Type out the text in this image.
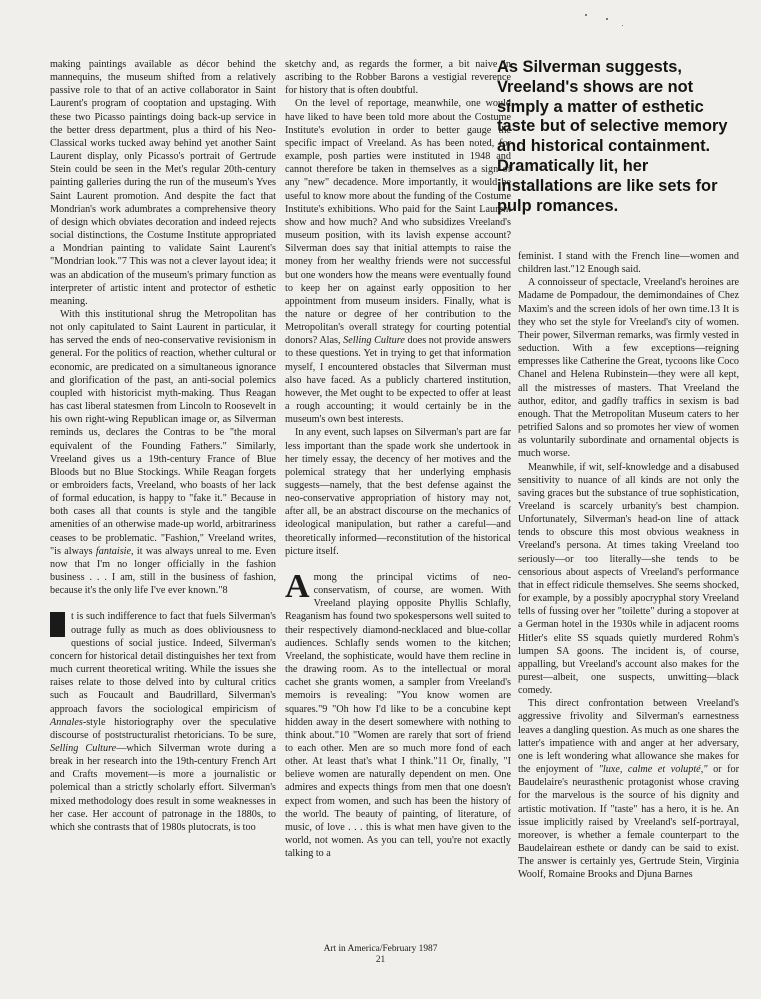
As Silverman suggests, Vreeland's shows are not simply a matter of esthetic taste but of selective memory and historical containment. Dramatically lit, her installations are like sets for pulp romances.

making paintings available as décor behind the mannequins, the museum shifted from a relatively passive role to that of an active collaborator in Saint Laurent's program of cooptation and upstaging. With these two Picasso paintings doing back-up service in the better dress department, plus a third of his Neo-Classical works tucked away behind yet another Saint Laurent display, only Picasso's portrait of Gertrude Stein could be seen in the Met's regular 20th-century painting galleries during the run of the museum's Yves Saint Laurent promotion. And despite the fact that Mondrian's work adumbrates a comprehensive theory of design which obviates decoration and indeed rejects social distinctions, the Costume Institute appropriated a Mondrian painting to validate Saint Laurent's "Mondrian look."7 This was not a clever layout idea; it was an abdication of the museum's primary function as interpreter of artistic intent and protector of esthetic meaning.

With this institutional shrug the Metropolitan has not only capitulated to Saint Laurent in particular, it has served the ends of neo-conservative revisionism in general. For the politics of reaction, whether cultural or economic, are predicated on a simultaneous ignorance and glorification of the past, an anti-social polemics coupled with historicist myth-making. Thus Reagan has cast liberal statesmen from Lincoln to Roosevelt in his own right-wing Republican image or, as Silverman reminds us, declares the Contras to be "the moral equivalent of the Founding Fathers." Similarly, Vreeland gives us a 19th-century France of Blue Bloods but no Blue Stockings. While Reagan forgets or embroiders facts, Vreeland, who boasts of her lack of formal education, is happy to "fake it." Because in both cases all that counts is style and the tangible amenities of an otherwise made-up world, arbitrariness ceases to be problematic. "Fashion," Vreeland writes, "is always fantaisie, it was always unreal to me. Even now that I'm no longer officially in the fashion business . . . I am, still in the business of fashion, because it's the only life I've ever known."8

t is such indifference to fact that fuels Silverman's outrage fully as much as does obliviousness to questions of social justice. Indeed, Silverman's concern for historical detail distinguishes her text from much current theoretical writing. While the issues she raises relate to those delved into by cultural critics such as Foucault and Baudrillard, Silverman's approach favors the sociological empiricism of Annales-style historiography over the speculative discourse of poststructuralist rhetoricians. To be sure, Selling Culture—which Silverman wrote during a break in her research into the 19th-century French Art and Crafts movement—is more a journalistic or polemical than a strictly scholarly effort. Silverman's mixed methodology does result in some weaknesses in her case. Her account of patronage in the 1880s, to which she contrasts that of 1980s plutocrats, is too

sketchy and, as regards the former, a bit naive in ascribing to the Robber Barons a vestigial reverence for history that is often doubtful.

On the level of reportage, meanwhile, one would have liked to have been told more about the Costume Institute's evolution in order to better gauge the specific impact of Vreeland. As has been noted, for example, posh parties were instituted in 1948 and cannot therefore be taken in themselves as a sign of any "new" decadence. More importantly, it would be useful to know more about the funding of the Costume Institute's exhibitions. Who paid for the Saint Laurent show and how much? And who subsidizes Vreeland's museum position, with its lavish expense account? Silverman does say that initial attempts to raise the money from her wealthy friends were not successful but one wonders how the means were eventually found to keep her on against early opposition to her appointment from museum insiders. Finally, what is the nature or degree of her contribution to the Metropolitan's overall strategy for courting potential donors? Alas, Selling Culture does not provide answers to these questions. Yet in trying to get that information myself, I encountered obstacles that Silverman must also have faced. As a publicly chartered institution, however, the Met ought to be expected to offer at least a rough accounting; it would certainly be in the museum's own best interests.

In any event, such lapses on Silverman's part are far less important than the spade work she undertook in her timely essay, the decency of her motives and the polemical strategy that her underlying emphasis suggests—namely, that the best defense against the neo-conservative appropriation of history may not, after all, be an abstract discourse on the mechanics of ideological manipulation, but rather a careful—and theoretically informed—reconstitution of the historical picture itself.

Among the principal victims of neo-conservatism, of course, are women. With Vreeland playing opposite Phyllis Schlafly, Reaganism has found two spokespersons well suited to their respectively diamond-necklaced and blue-collar audiences. Schlafly sends women to the kitchen; Vreeland, the sophisticate, would have them recline in the drawing room. As to the intellectual or moral cachet she grants women, a sampler from Vreeland's memoirs is revealing: "You know women are squares."9 "Oh how I'd like to be a concubine kept hidden away in the desert somewhere with nothing to think about."10 "Women are rarely that sort of friend to each other. Men are so much more fond of each other. At least that's what I think."11 Or, finally, "I believe women are naturally dependent on men. One admires and expects things from men that one doesn't expect from women, and such has been the history of the world. The beauty of painting, of literature, of music, of love . . . this is what men have given to the world, not women. As you can tell, you're not exactly talking to a

feminist. I stand with the French line—women and children last."12 Enough said.

A connoisseur of spectacle, Vreeland's heroines are Madame de Pompadour, the demimondaines of Chez Maxim's and the screen idols of her own time.13 It is they who set the style for Vreeland's city of women. Their power, Silverman remarks, was firmly vested in seduction. With a few exceptions—reigning empresses like Catherine the Great, tycoons like Coco Chanel and Helena Rubinstein—they were all kept, all the mistresses of masters. That Vreeland the author, editor, and gadfly traffics in sexism is bad enough. That the Metropolitan Museum caters to her petrified Salons and so promotes her view of women as voluntarily subordinate and ornamental objects is much worse.

Meanwhile, if wit, self-knowledge and a disabused sensitivity to nuance of all kinds are not only the saving graces but the substance of true sophistication, Vreeland is scarcely urbanity's best champion. Unfortunately, Silverman's head-on line of attack tends to obscure this most obvious weakness in Vreeland's persona. At times taking Vreeland too seriously—or too literally—she tends to be censorious about aspects of Vreeland's performance that in effect ridicule themselves. She seems shocked, for example, by a possibly apocryphal story Vreeland tells of fussing over her "toilette" during a stopover at a German hotel in the 1930s while in adjacent rooms Hitler's elite SS squads quietly murdered Rohm's lumpen SA goons. The incident is, of course, appalling, but Vreeland's account also makes for the purest—albeit, one suspects, unwitting—black comedy.

This direct confrontation between Vreeland's aggressive frivolity and Silverman's earnestness leaves a dangling question. As much as one shares the latter's impatience with and anger at her adversary, one is left wondering what allowance she makes for the enjoyment of "luxe, calme et volupté," or for Baudelaire's neurasthenic protagonist whose craving for the marvelous is the source of his dignity and artistic motivation. If "taste" has a hero, it is he. An issue implicitly raised by Vreeland's self-portrayal, moreover, is whether a female counterpart to the Baudelairean esthete or dandy can be said to exist. The answer is certainly yes, Gertrude Stein, Virginia Woolf, Romaine Brooks and Djuna Barnes

Art in America/February 1987
21
